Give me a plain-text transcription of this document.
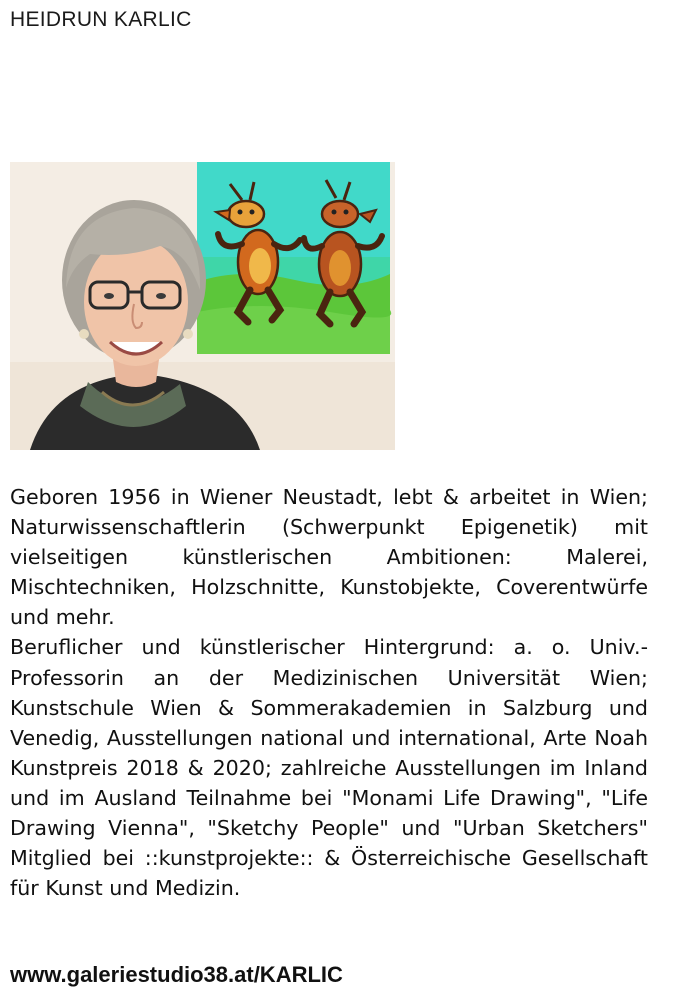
HEIDRUN KARLIC

Geboren 1956 in Wiener Neustadt, lebt & arbeitet in Wien; Naturwissenschaftlerin (Schwerpunkt Epigenetik) mit vielseitigen künstlerischen Ambitionen: Malerei, Mischtechniken, Holzschnitte, Kunstobjekte, Coverentwürfe und mehr.

Beruflicher und künstlerischer Hintergrund: a. o. Univ.-Professorin an der Medizinischen Universität Wien; Kunstschule Wien & Sommerakademien in Salzburg und Venedig, Ausstellungen national und international, Arte Noah Kunstpreis 2018 & 2020; zahlreiche Ausstellungen im Inland und im Ausland Teilnahme bei "Monami Life Drawing", "Life Drawing Vienna", "Sketchy People" und "Urban Sketchers" Mitglied bei ::kunstprojekte:: & Österreichische Gesellschaft für Kunst und Medizin.

www.galeriestudio38.at/KARLIC
